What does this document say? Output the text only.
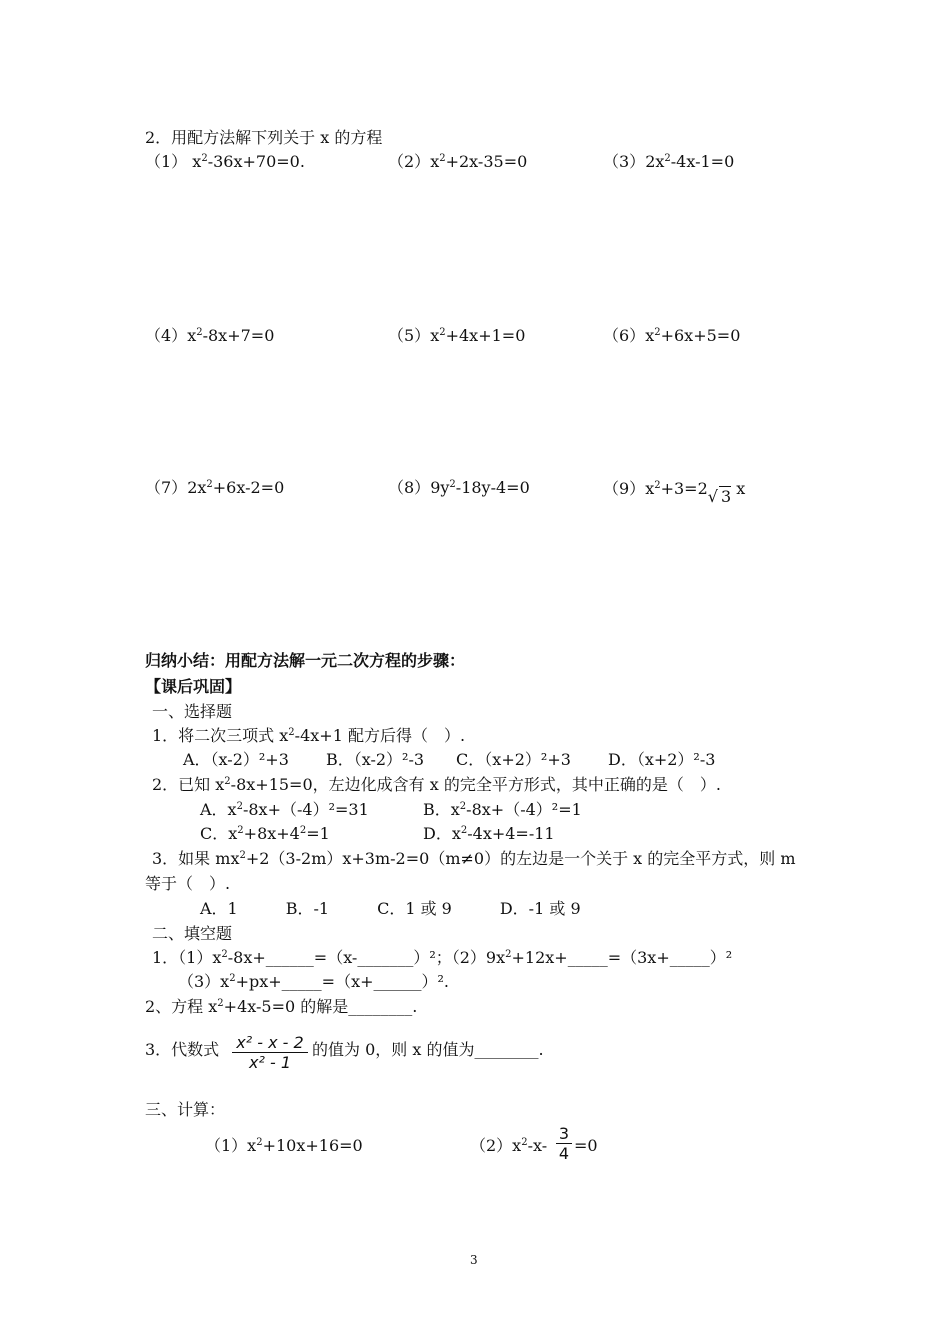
2．用配方法解下列关于 x 的方程
（1） $x^2-36x+70=0$.	$(2)x^2+2x-35=0$	$(3)2x^2-4x-1=0$
$(4)x^2-8x+7=0$	$(5)x^2+4x+1=0$	$(6)x^2+6x+5=0$
$(7)2x^2+6x-2=0$	$(8)9y^2-18y-4=0$	$(9)x^2+3=2√$ 3 x
归纳小结：用配方法解一元二次方程的步骤：
【课后巩固】
一、选择题
1．将二次三项式 $x^2-4x+1$ 配方后得（　）.
A．（x-2）²+3　　 B．（x-2）²-3　　C．（x+2）²+3　　 D．（x+2）²-3
2．已知 $x^2-8x+15=0$，左边化成含有 x 的完全平方形式，其中正确的是（　）.
A．$x^2-8x+(-4)^2=31$	B．$x^2-8x+(-4)^2=1$
C．$x^2+8x+4^2=1$	D．$x^2-4x+4=-11$
3．如果 $mx^2+2(3-2m)x+3m-2=0(m\ne 0)$的左边是一个关于 x 的完全平方式，则 m
等于（　）.
A．1　　　B．-1　　　C．1 或 9　　　D．-1 或 9
二、填空题
1．$(1)x^2-8x+\_\_\_\_\_\_=(x-\_\_\_\_\_\_\_)^2$；$(2)9x^2+12x+\_\_\_\_\_=(3x+\_\_\_\_\_)^2$
$(3)x^2+px+\_\_\_\_\_=(x+\_\_\_\_\_\_)^2$.
2、方程 $x^2+4x-5=0$ 的解是________.
3．代数式 x² - x - 2
x² - 1
的值为 0，则 x 的值为________.
三、计算：
$(1)x^2+10x+16=0$	$(2)x^2-x-$
3
4 =0
3
